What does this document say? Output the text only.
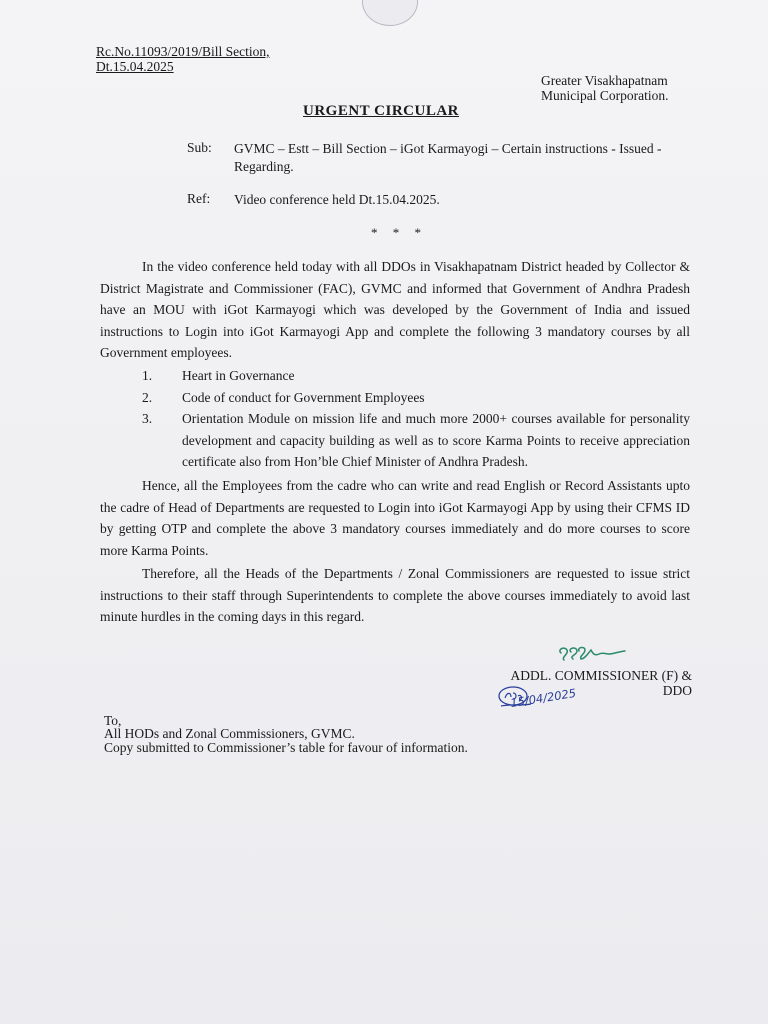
Rc.No.11093/2019/Bill Section,
Dt.15.04.2025
Greater Visakhapatnam
Municipal Corporation.
URGENT CIRCULAR
Sub: GVMC – Estt – Bill Section – iGot Karmayogi – Certain instructions - Issued - Regarding.
Ref: Video conference held Dt.15.04.2025.
* * *
In the video conference held today with all DDOs in Visakhapatnam District headed by Collector & District Magistrate and Commissioner (FAC), GVMC and informed that Government of Andhra Pradesh have an MOU with iGot Karmayogi which was developed by the Government of India and issued instructions to Login into iGot Karmayogi App and complete the following 3 mandatory courses by all Government employees.
1. Heart in Governance
2. Code of conduct for Government Employees
3. Orientation Module on mission life and much more 2000+ courses available for personality development and capacity building as well as to score Karma Points to receive appreciation certificate also from Hon’ble Chief Minister of Andhra Pradesh.
Hence, all the Employees from the cadre who can write and read English or Record Assistants upto the cadre of Head of Departments are requested to Login into iGot Karmayogi App by using their CFMS ID by getting OTP and complete the above 3 mandatory courses immediately and do more courses to score more Karma Points.
Therefore, all the Heads of the Departments / Zonal Commissioners are requested to issue strict instructions to their staff through Superintendents to complete the above courses immediately to avoid last minute hurdles in the coming days in this regard.
ADDL. COMMISSIONER (F) &
DDO
15/04/2025
To,
All HODs and Zonal Commissioners, GVMC.
Copy submitted to Commissioner’s table for favour of information.
